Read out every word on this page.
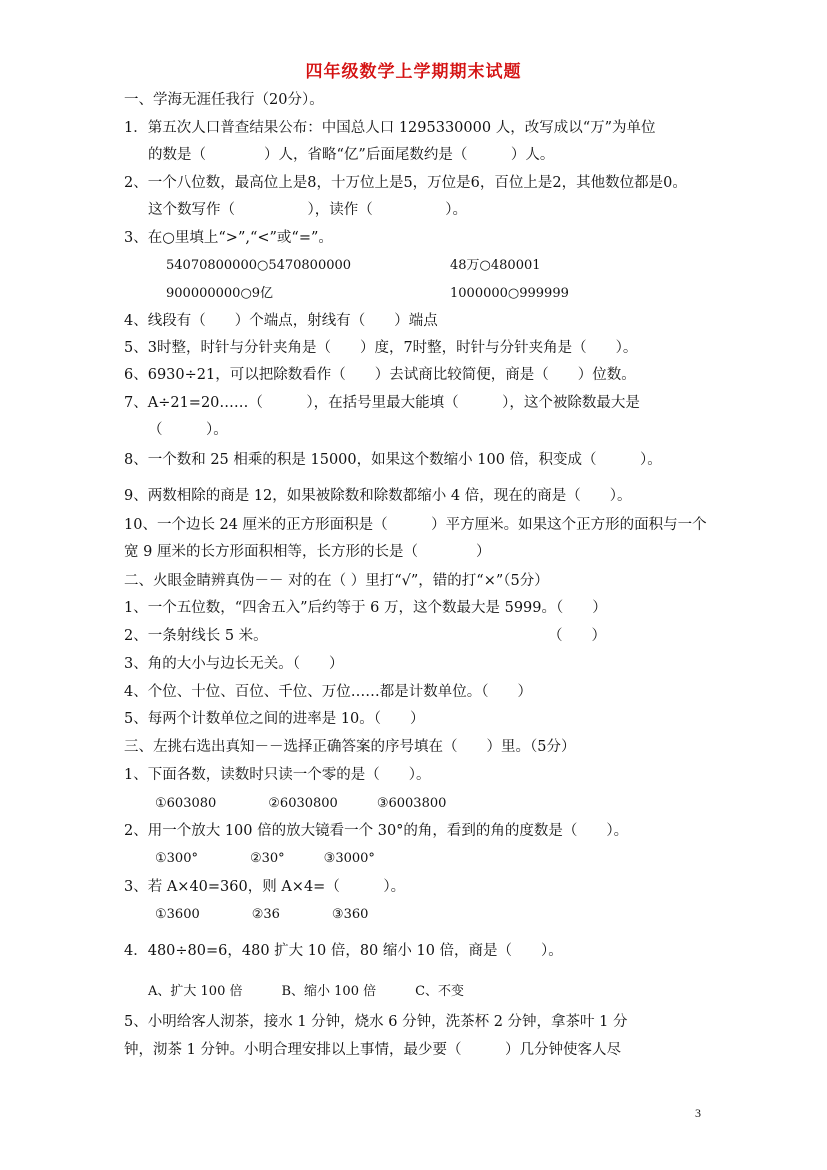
四年级数学上学期期末试题
一、学海无涯任我行（20分）。
1．第五次人口普查结果公布：中国总人口 1295330000 人，改写成以“万”为单位
的数是（　　　　）人，省略“亿”后面尾数约是（　　　）人。
2、一个八位数，最高位上是8，十万位上是5，万位是6，百位上是2，其他数位都是0。
这个数写作（　　　　　），读作（　　　　　）。
3、在○里填上“>”,“<”或“=”。
54070800000○5470800000	48万○480001
900000000○9亿	1000000○999999
4、线段有（　　）个端点，射线有（　　）端点
5、3时整，时针与分针夹角是（　　）度，7时整，时针与分针夹角是（　　）。
6、6930÷21，可以把除数看作（　　）去试商比较简便，商是（　　）位数。
7、A÷21=20……（　　　），在括号里最大能填（　　　），这个被除数最大是
（　　　）。
8、一个数和 25 相乘的积是 15000，如果这个数缩小 100 倍，积变成（　　　）。
9、两数相除的商是 12，如果被除数和除数都缩小 4 倍，现在的商是（　　）。
10、一个边长 24 厘米的正方形面积是（　　　）平方厘米。如果这个正方形的面积与一个
宽 9 厘米的长方形面积相等，长方形的长是（　　　　）
二、火眼金睛辨真伪－－ 对的在（ ）里打“√”，错的打“×”（5分）
1、一个五位数，“四舍五入”后约等于 6 万，这个数最大是 5999。（　　）
2、一条射线长 5 米。	（　　）
3、角的大小与边长无关。（　　）
4、个位、十位、百位、千位、万位……都是计数单位。（　　）
5、每两个计数单位之间的进率是 10。（　　）
三、左挑右选出真知－－选择正确答案的序号填在（　　）里。（5分）
1、下面各数，读数时只读一个零的是（　　）。
①603080　　　　②6030800　　　③6003800
2、用一个放大 100 倍的放大镜看一个 30°的角，看到的角的度数是（　　）。
①300°　　　　②30°　　　③3000°
3、若 A×40=360，则 A×4=（　　　）。
①3600　　　　②36　　　　③360
4．480÷80=6，480 扩大 10 倍，80 缩小 10 倍，商是（　　）。
A、扩大 100 倍　　　B、缩小 100 倍　　　C、不变
5、小明给客人沏茶，接水 1 分钟，烧水 6 分钟，洗茶杯 2 分钟，拿茶叶 1 分
钟，沏茶 1 分钟。小明合理安排以上事情，最少要（　　　）几分钟使客人尽
3
